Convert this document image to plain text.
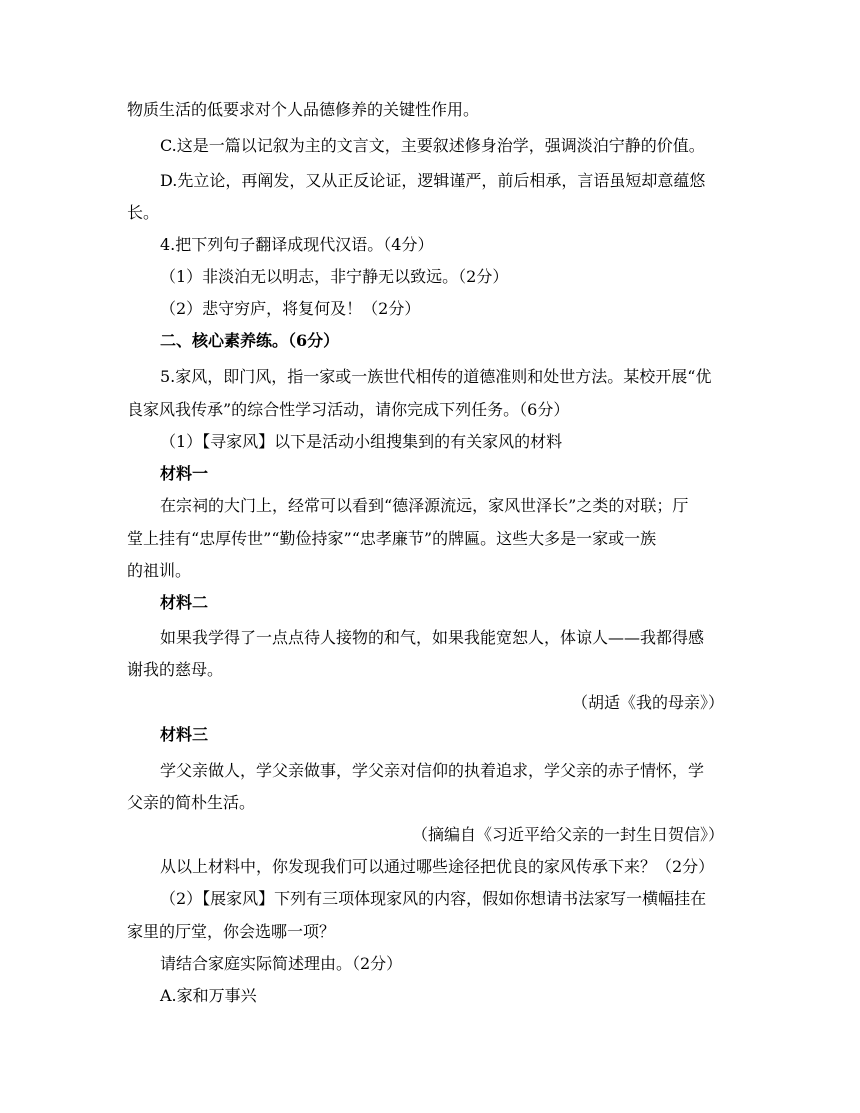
物质生活的低要求对个人品德修养的关键性作用。
C.这是一篇以记叙为主的文言文，主要叙述修身治学，强调淡泊宁静的价值。
D.先立论，再阐发，又从正反论证，逻辑谨严，前后相承，言语虽短却意蕴悠
长。
4.把下列句子翻译成现代汉语。（4分）
（1）非淡泊无以明志，非宁静无以致远。（2分）
（2）悲守穷庐，将复何及！（2分）
二、核心素养练。（6分）
5.家风，即门风，指一家或一族世代相传的道德准则和处世方法。某校开展“优
良家风我传承”的综合性学习活动，请你完成下列任务。（6分）
（1）【寻家风】以下是活动小组搜集到的有关家风的材料
材料一
在宗祠的大门上，经常可以看到“德泽源流远，家风世泽长”之类的对联；厅
堂上挂有“忠厚传世”“勤俭持家”“忠孝廉节”的牌匾。这些大多是一家或一族
的祖训。
材料二
如果我学得了一点点待人接物的和气，如果我能宽恕人，体谅人——我都得感
谢我的慈母。
（胡适《我的母亲》）
材料三
学父亲做人，学父亲做事，学父亲对信仰的执着追求，学父亲的赤子情怀，学
父亲的简朴生活。
（摘编自《习近平给父亲的一封生日贺信》）
从以上材料中，你发现我们可以通过哪些途径把优良的家风传承下来？（2分）
（2）【展家风】下列有三项体现家风的内容，假如你想请书法家写一横幅挂在
家里的厅堂，你会选哪一项？
请结合家庭实际简述理由。（2分）
A.家和万事兴
